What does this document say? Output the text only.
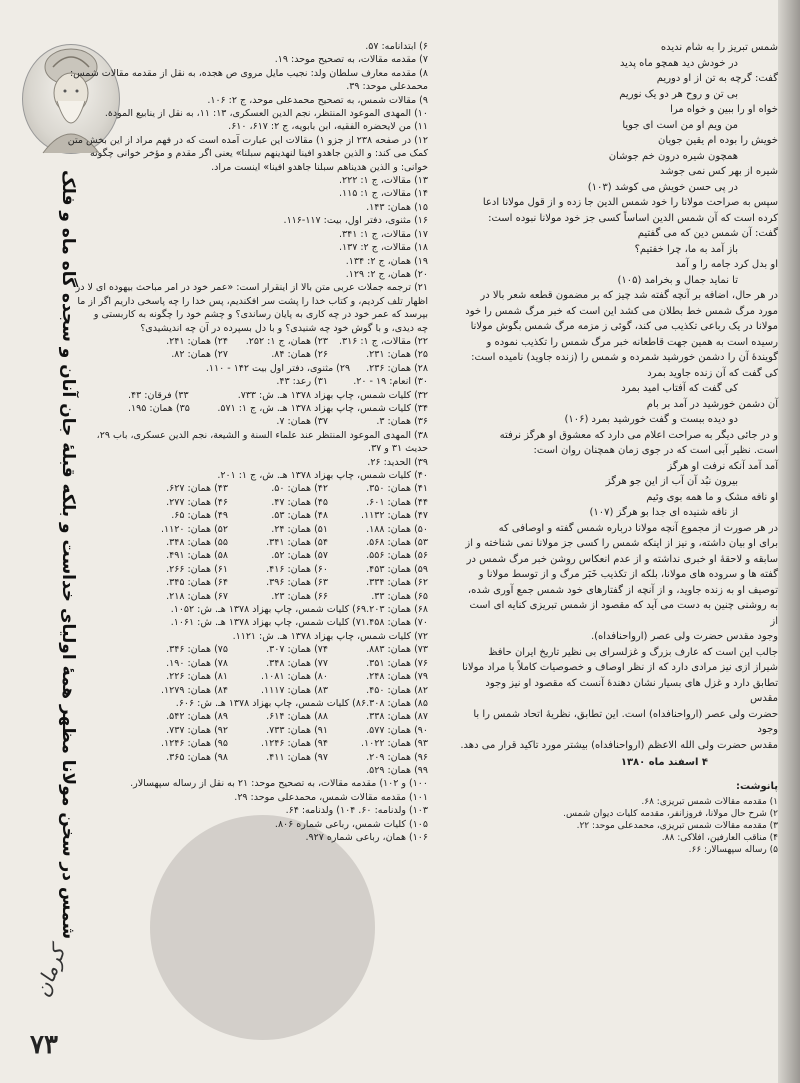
شمس در سخن مولانا مظهر همهٔ اولیای خداست و بلکه قبلهٔ جان آنان و سجده گاه ماه و فلک
کرمان
۷۳

۶) ابتدانامه: ۵۷.

۷) مقدمه مقالات، به تصحیح موحد: ۱۹.

۸) مقدمه معارف سلطان ولد: نجیب مایل مروی ص هجده، به نقل از مقدمه مقالات شمس:

محمدعلی موحد: ۳۹.

۹) مقالات شمس، به تصحیح محمدعلی موحد، ج ۲: ۱۰۶.

۱۰) المهدی الموعود المنتظر، نجم الدین العسکری، ۱۳: ۱۱، به نقل از ینابیع المودة.

۱۱) من لایحضره الفقیه، ابن بابویه، ج ۲: ۶۱۷، ۶۱۰.

۱۲) در صفحه ۲۳۸ از جزو ۱) مقالات این عبارت آمده است که در فهم مراد از این بخش متن

کمک می کند: و الذین جاهدو افینا لنهدینهم سبلنا» یعنی اگر مقدم و مؤخر خوانی چگونه

خوانی: و الذین هدیناهم سبلنا جاهدو افینا» اینست مراد.

۱۳) مقالات، ج ۱: ۲۲۲.

۱۴) مقالات، ج ۱: ۱۱۵.

۱۵) همان: ۱۴۳.

۱۶) مثنوی، دفتر اول، بیت: ۱۱۷-۱۱۶.

۱۷) مقالات، ج ۱: ۳۴۱.

۱۸) مقالات، ج ۲: ۱۳۷.

۱۹) همان، ج ۲: ۱۳۴.

۲۰) همان، ج ۲: ۱۲۹.

۲۱) ترجمه جملات عربی متن بالا از اینقرار است: «عمر خود در امر مباحث بیهوده ای لا در

اظهار تلف کردیم، و کتاب خدا را پشت سر افکندیم، پس خدا را چه پاسخی داریم اگر از ما

بپرسد که عمر خود در چه کاری به پایان رساندی؟ و چشم خود را چگونه به کاربستی و

چه دیدی، و با گوش خود چه شنیدی؟ و با دل بسپرده در آن چه اندیشیدی؟

۲۲) مقالات، ج ۱: ۳۱۶.
۲۳) همان، ج ۱: ۲۵۲.
۲۴) همان: ۲۴۱.
۲۵) همان: ۲۳۱.
۲۶) همان: ۸۴.
۲۷) همان: ۸۲.
۲۸) همان: ۲۳۶.
۲۹) مثنوی، دفتر اول بیت ۱۴۲ - ۱۱۰.
۳۰) انعام: ۱۹ - ۲۰.
۳۱) رعد: ۴۳.
۳۲) کلیات شمس، چاپ بهزاد ۱۳۷۸ هـ. ش: ۷۳۳.
۳۳) فرقان: ۴۳.
۳۴) کلیات شمس، چاپ بهزاد ۱۳۷۸ هـ. ش، ج ۱: ۵۷۱.
۳۵) همان: ۱۹۵.
۳۶) همان: ۳.
۳۷) همان: ۷.

۳۸) المهدی الموعود المنتظر عند علماء السنة و الشیعة، نجم الدین عسکری، باب ۲۹،

حدیث ۳۱ و ۳۷.

۳۹) الحدید: ۲۶.

۴۰) کلیات شمس، چاپ بهزاد ۱۳۷۸ هـ. ش، ج ۱: ۲۰۱.

۴۱) همان: ۳۵۰.
۴۲) همان: ۵۰.
۴۳) همان: ۶۲۷.
۴۴) همان: ۶۰۱.
۴۵) همان: ۴۷.
۴۶) همان: ۲۷۷.
۴۷) همان: ۱۱۳۲.
۴۸) همان: ۵۳.
۴۹) همان: ۶۵.
۵۰) همان: ۱۸۸.
۵۱) همان: ۲۴.
۵۲) همان: ۱۱۲۰.
۵۳) همان: ۵۶۸.
۵۴) همان: ۳۴۱.
۵۵) همان: ۳۴۸.
۵۶) همان: ۵۵۶.
۵۷) همان: ۵۲.
۵۸) همان: ۴۹۱.
۵۹) همان: ۴۵۳.
۶۰) همان: ۴۱۶.
۶۱) همان: ۲۶۶.
۶۲) همان: ۳۳۴.
۶۳) همان: ۳۹۶.
۶۴) همان: ۳۴۵.
۶۵) همان: ۳۳.
۶۶) همان: ۲۳.
۶۷) همان: ۲۱۸.
۶۸) همان: ۲۰۳.
۶۹) کلیات شمس، چاپ بهزاد ۱۳۷۸ هـ. ش: ۱۰۵۲.
۷۰) همان: ۴۵۸.
۷۱) کلیات شمس، چاپ بهزاد ۱۳۷۸ هـ. ش: ۱۰۶۱.
۷۲) کلیات شمس، چاپ بهزاد ۱۳۷۸ هـ. ش: ۱۱۲۱.
۷۳) همان: ۸۸۳.
۷۴) همان: ۳۰۷.
۷۵) همان: ۳۴۶.
۷۶) همان: ۳۵۱.
۷۷) همان: ۳۴۸.
۷۸) همان: ۱۹۰.
۷۹) همان: ۲۴۸.
۸۰) همان: ۱۰۸۱.
۸۱) همان: ۲۲۶.
۸۲) همان: ۴۵۰.
۸۳) همان: ۱۱۱۷.
۸۴) همان: ۱۲۷۹.
۸۵) همان: ۳۰۸.
۸۶) کلیات شمس، چاپ بهزاد ۱۳۷۸ هـ. ش: ۶۰۶.
۸۷) همان: ۳۳۸.
۸۸) همان: ۶۱۴.
۸۹) همان: ۵۴۲.
۹۰) همان: ۵۷۷.
۹۱) همان: ۷۳۳.
۹۲) همان: ۷۳۷.
۹۳) همان: ۱۰۲۲.
۹۴) همان: ۱۲۴۶.
۹۵) همان: ۱۲۴۶.
۹۶) همان: ۲۰۹.
۹۷) همان: ۴۱۱.
۹۸) همان: ۳۶۵.

۹۹) همان: ۵۲۹.

۱۰۰) و ۱۰۲) مقدمه مقالات، به تصحیح موحد: ۲۱ به نقل از رساله سپهسالار.

۱۰۱) مقدمه مقالات شمس، محمدعلی موحد: ۲۹.

۱۰۳) ولدنامه: ۶۰. ۱۰۴) ولدنامه: ۶۴.

۱۰۵) کلیات شمس، رباعی شماره ۸۰۶.

۱۰۶) همان، رباعی شماره ۹۲۷.

شمس تبریز را به شام ندیده

در خودش دید همچو ماه پدید

گفت: گرچه به تن از او دوریم

بی تن و روح هر دو یک نوریم

خواه او را ببین و خواه مرا

من ویم او من است ای جویا

خویش را بوده ام یقین جویان

همچون شیره درون خم جوشان

شیره از بهر کس نمی جوشد

در پی حسن خویش می کوشد (۱۰۳)

سپس به صراحت مولانا را خود شمس الدین جا زده و از قول مولانا ادعا

کرده است که آن شمس الدین اساساً کسی جز خود مولانا نبوده است:

گفت: آن شمس دین که می گفتیم

باز آمد به ما، چرا خفتیم؟

او بدل کرد جامه را و آمد

تا نماید جمال و بخرامد (۱۰۵)

در هر حال، اضافه بر آنچه گفته شد چیز که بر مضمون قطعه شعر بالا در

مورد مرگ شمس خط بطلان می کشد این است که خبر مرگ شمس را خود

مولانا در یک رباعی تکذیب می کند، گوئی ز مزمه مرگ شمس بگوش مولانا

رسیده است به همین جهت قاطعانه خبر مرگ شمس را تکذیب نموده و

گویندهٔ آن را دشمن خورشید شمرده و شمس را (زنده جاوید) نامیده است:

کی گفت که آن زنده جاوید بمرد

کی گفت که آفتاب امید بمرد

آن دشمن خورشید در آمد بر بام

دو دیده ببست و گفت خورشید بمرد (۱۰۶)

و در جائی دیگر به صراحت اعلام می دارد که معشوق او هرگز نرفته

است. نظیر آبی است که در جوی زمان همچنان روان است:

آمد آمد آنکه نرفت او هرگز

بیرون نبُد آن آب از این جو هرگز

او نافه مشک و ما همه بوی وئیم

از نافه شنیده ای جدا بو هرگز (۱۰۷)

در هر صورت از مجموع آنچه مولانا درباره شمس گفته و اوصافی که

برای او بیان داشته، و نیز از اینکه شمس را کسی جز مولانا نمی شناخته و از

سابقه و لاحقهٔ او خبری نداشته و از عدم انعکاس روشن خبر مرگ شمس در

گفته ها و سروده های مولانا، بلکه از تکذیب خَبَر مرگ و از توسط مولانا و

توصیف او به زنده جاوید، و از آنچه از گفتارهای خود شمس جمع آوری شده،

به روشنی چنین به دست می آید که مقصود از شمس تبریزی کنایه ای است از

وجود مقدس حضرت ولی عصر (ارواحنافداه).

جالب این است که عارف بزرگ و غزلسرای بی نظیر تاریخ ایران حافظ

شیراز ازی نیز مرادی دارد که از نظر اوصاف و خصوصیات کاملاً با مراد مولانا

تطابق دارد و غزل های بسیار نشان دهندهٔ آنست که مقصود او نیز وجود مقدس

حضرت ولی عصر (ارواحنافداه) است. این تطابق، نظریهٔ اتحاد شمس را با وجود

مقدس حضرت ولی الله الاعظم (ارواحنافداه) بیشتر مورد تاکید قرار می دهد.

۴ اسفند ماه ۱۳۸۰

پانوشت:

۱) مقدمه مقالات شمس تبریزی: ۶۸.

۲) شرح حال مولانا، فروزانفر، مقدمه کلیات دیوان شمس.

۳) مقدمه مقالات شمس تبریزی، محمدعلی موحد: ۲۲.

۴) مناقب العارفین، افلاکی: ۸۸.

۵) رساله سپهسالار: ۶۶.
